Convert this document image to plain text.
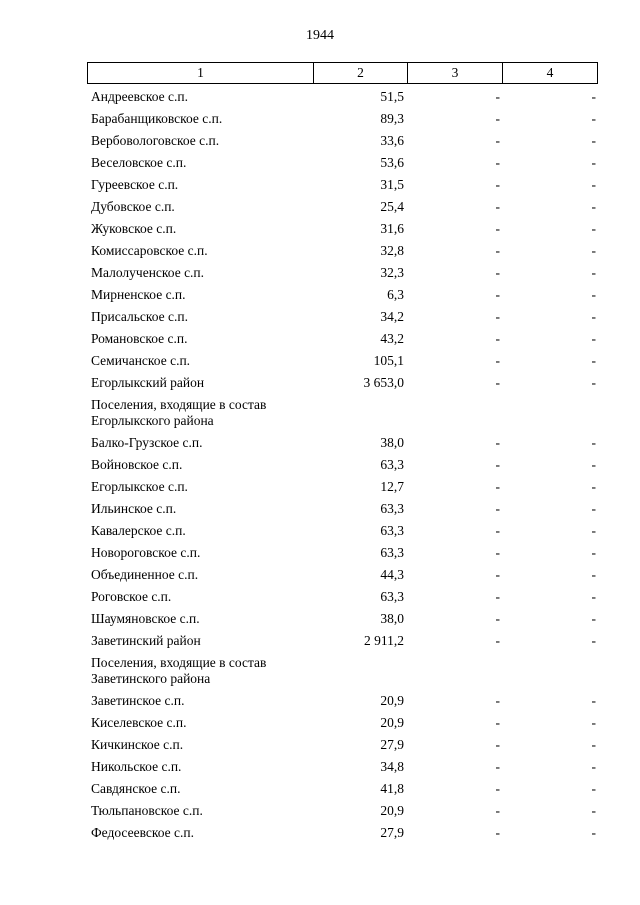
1944
1	2	3	4
Андреевское с.п.	51,5	-	-
Барабанщиковское с.п.	89,3	-	-
Вербовологовское с.п.	33,6	-	-
Веселовское с.п.	53,6	-	-
Гуреевское с.п.	31,5	-	-
Дубовское с.п.	25,4	-	-
Жуковское с.п.	31,6	-	-
Комиссаровское с.п.	32,8	-	-
Малолученское с.п.	32,3	-	-
Мирненское с.п.	6,3	-	-
Присальское с.п.	34,2	-	-
Романовское с.п.	43,2	-	-
Семичанское с.п.	105,1	-	-
Егорлыкский район	3 653,0	-	-
Поселения, входящие в состав Егорлыкского района
Балко-Грузское с.п.	38,0	-	-
Войновское с.п.	63,3	-	-
Егорлыкское с.п.	12,7	-	-
Ильинское с.п.	63,3	-	-
Кавалерское с.п.	63,3	-	-
Новороговское с.п.	63,3	-	-
Объединенное с.п.	44,3	-	-
Роговское с.п.	63,3	-	-
Шаумяновское с.п.	38,0	-	-
Заветинский район	2 911,2	-	-
Поселения, входящие в состав Заветинского района
Заветинское с.п.	20,9	-	-
Киселевское с.п.	20,9	-	-
Кичкинское с.п.	27,9	-	-
Никольское с.п.	34,8	-	-
Савдянское с.п.	41,8	-	-
Тюльпановское с.п.	20,9	-	-
Федосеевское с.п.	27,9	-	-
